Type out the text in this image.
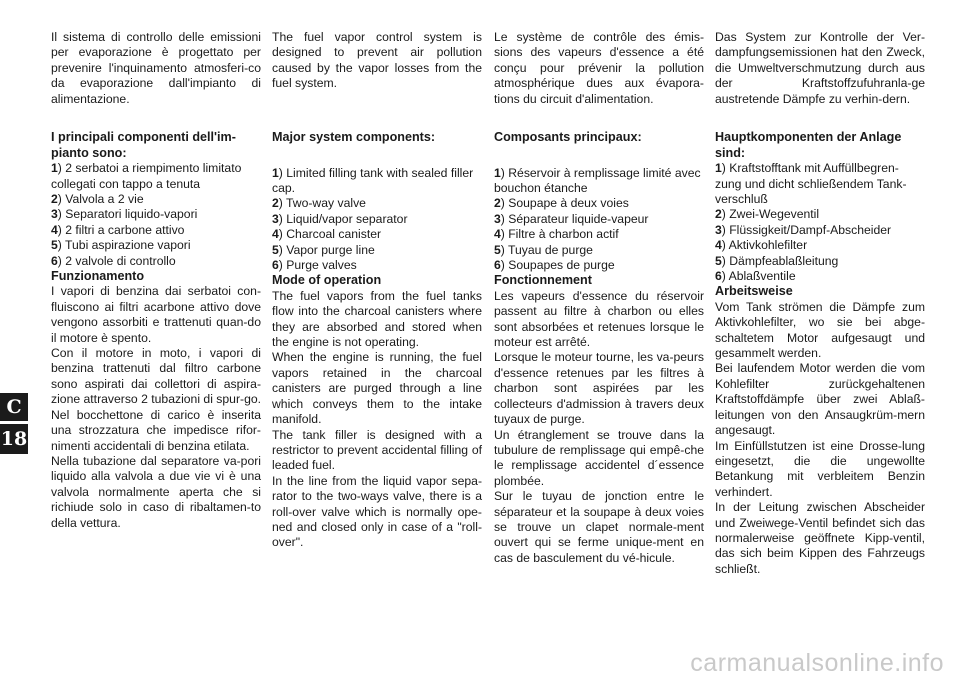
C
18

Il sistema di controllo delle emissioni per evaporazione è progettato per prevenire l'inquinamento atmosferi-co da evaporazione dall'impianto di alimentazione.

I principali componenti dell'im-pianto sono:

1) 2 serbatoi a riempimento limitato collegati con tappo a tenuta

2) Valvola a 2 vie

3) Separatori liquido-vapori

4) 2 filtri a carbone attivo

5) Tubi aspirazione vapori

6) 2 valvole di controllo

Funzionamento

I vapori di benzina dai serbatoi con-fluiscono ai filtri acarbone attivo dove vengono assorbiti e trattenuti quan-do il motore è spento.

Con il motore in moto, i vapori di benzina trattenuti dal filtro carbone sono aspirati dai collettori di aspira-zione attraverso 2 tubazioni di spur-go.

Nel bocchettone di carico è inserita una strozzatura che impedisce rifor-nimenti accidentali di benzina etilata.

Nella tubazione dal separatore va-pori liquido alla valvola a due vie vi è una valvola normalmente aperta che si richiude solo in caso di ribaltamen-to della vettura.

The fuel vapor control system is designed to prevent air pollution caused by the vapor losses from the fuel system.

Major system components:

1) Limited filling tank with sealed filler cap.

2) Two-way valve

3) Liquid/vapor separator

4) Charcoal canister

5) Vapor purge line

6) Purge valves

Mode of operation

The fuel vapors from the fuel tanks flow into the charcoal canisters where they are absorbed and stored when the engine is not operating.

When the engine is running, the fuel vapors retained in the charcoal canisters are purged through a line which conveys them to the intake manifold.

The tank filler is designed with a restrictor to prevent accidental filling of leaded fuel.

In the line from the liquid vapor sepa-rator to the two-ways valve, there is a roll-over valve which is normally ope-ned and closed only in case of a "roll-over".

Le système de contrôle des émis-sions des vapeurs d'essence a été conçu pour prévenir la pollution atmosphérique dues aux évapora-tions du circuit d'alimentation.

Composants principaux:

1) Réservoir à remplissage limité avec bouchon étanche

2) Soupape à deux voies

3) Séparateur liquide-vapeur

4) Filtre à charbon actif

5) Tuyau de purge

6) Soupapes de purge

Fonctionnement

Les vapeurs d'essence du réservoir passent au filtre à charbon ou elles sont absorbées et retenues lorsque le moteur est arrêté.

Lorsque le moteur tourne, les va-peurs d'essence retenues par les filtres à charbon sont aspirées par les collecteurs d'admission à travers deux tuyaux de purge.

Un étranglement se trouve dans la tubulure de remplissage qui empê-che le remplissage accidentel d´essence plombée.

Sur le tuyau de jonction entre le séparateur et la soupape à deux voies se trouve un clapet normale-ment ouvert qui se ferme unique-ment en cas de basculement du vé-hicule.

Das System zur Kontrolle der Ver-dampfungsemissionen hat den Zweck, die Umweltverschmutzung durch aus der Kraftstoffzufuhranla-ge austretende Dämpfe zu verhin-dern.

Hauptkomponenten der Anlage sind:

1) Kraftstofftank mit Auffüllbegren-zung und dicht schließendem Tank-verschluß

2) Zwei-Wegeventil

3) Flüssigkeit/Dampf-Abscheider

4) Aktivkohlefilter

5) Dämpfeablaßleitung

6) Ablaßventile

Arbeitsweise

Vom Tank strömen die Dämpfe zum Aktivkohlefilter, wo sie bei abge-schaltetem Motor aufgesaugt und gesammelt werden.

Bei laufendem Motor werden die vom Kohlefilter zurückgehaltenen Kraftstoffdämpfe über zwei Ablaß-leitungen von den Ansaugkrüm-mern angesaugt.

Im Einfüllstutzen ist eine Drosse-lung eingesetzt, die die ungewollte Betankung mit verbleitem Benzin verhindert.

In der Leitung zwischen Abscheider und Zweiwege-Ventil befindet sich das normalerweise geöffnete Kipp-ventil, das sich beim Kippen des Fahrzeugs schließt.

carmanualsonline.info
